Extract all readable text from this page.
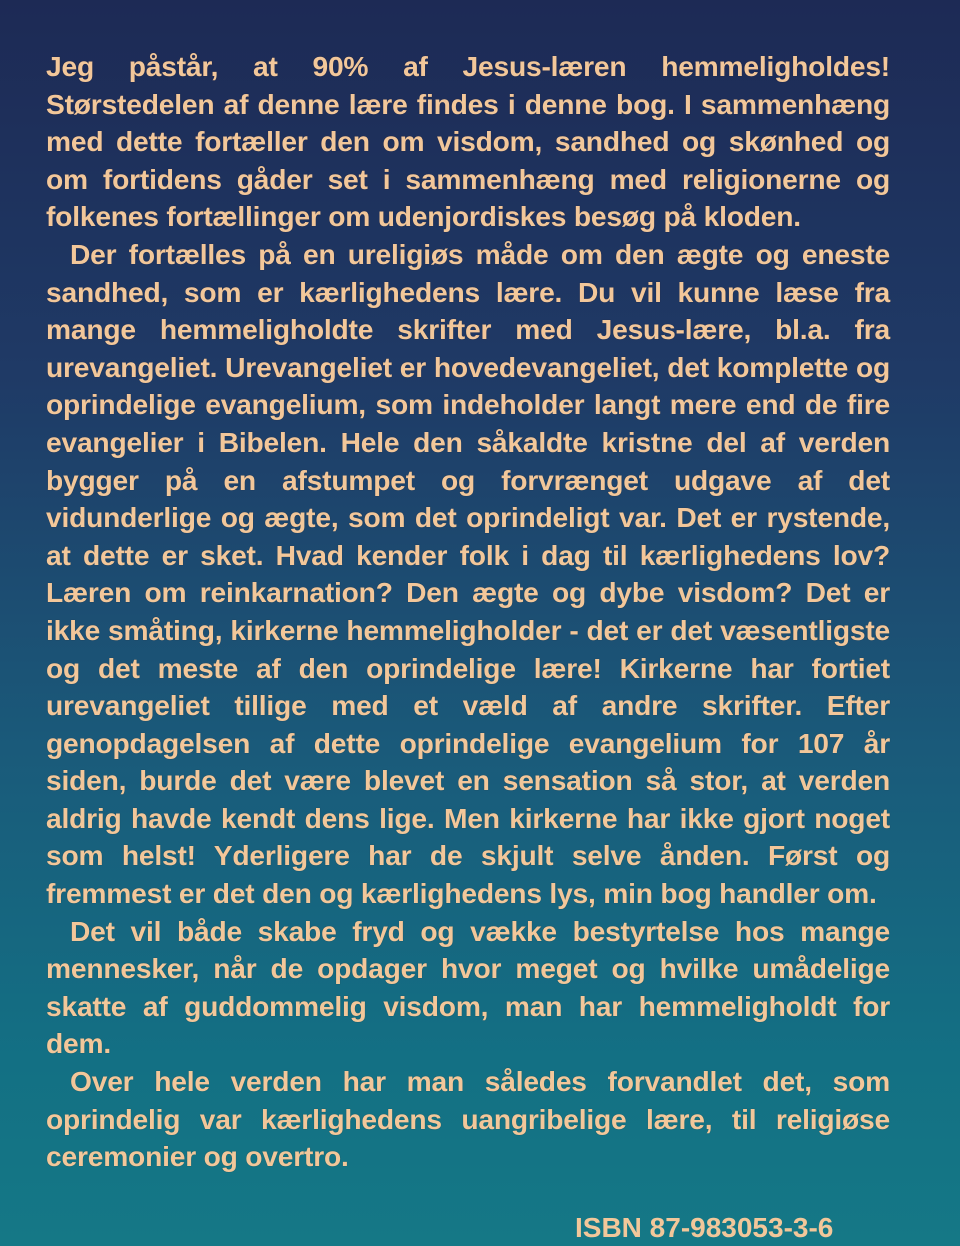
Jeg påstår, at 90% af Jesus-læren hemmeligholdes! Størstedelen af denne lære findes i denne bog. I sammenhæng med dette fortæller den om visdom, sandhed og skønhed og om fortidens gåder set i sammenhæng med religionerne og folkenes fortællinger om udenjordiskes besøg på kloden.

Der fortælles på en ureligiøs måde om den ægte og eneste sandhed, som er kærlighedens lære. Du vil kunne læse fra mange hemmeligholdte skrifter med Jesus-lære, bl.a. fra urevangeliet. Urevangeliet er hovedevangeliet, det komplette og oprindelige evangelium, som indeholder langt mere end de fire evangelier i Bibelen. Hele den såkaldte kristne del af verden bygger på en afstumpet og forvrænget udgave af det vidunderlige og ægte, som det oprindeligt var. Det er rystende, at dette er sket. Hvad kender folk i dag til kærlighedens lov? Læren om reinkarnation? Den ægte og dybe visdom? Det er ikke småting, kirkerne hemmeligholder - det er det væsentligste og det meste af den oprindelige lære! Kirkerne har fortiet urevangeliet tillige med et væld af andre skrifter. Efter genopdagelsen af dette oprindelige evangelium for 107 år siden, burde det være blevet en sensation så stor, at verden aldrig havde kendt dens lige. Men kirkerne har ikke gjort noget som helst! Yderligere har de skjult selve ånden. Først og fremmest er det den og kærlighedens lys, min bog handler om.

Det vil både skabe fryd og vække bestyrtelse hos mange mennesker, når de opdager hvor meget og hvilke umådelige skatte af guddommelig visdom, man har hemmeligholdt for dem.

Over hele verden har man således forvandlet det, som oprindelig var kærlighedens uangribelige lære, til religiøse ceremonier og overtro.

ISBN 87-983053-3-6
